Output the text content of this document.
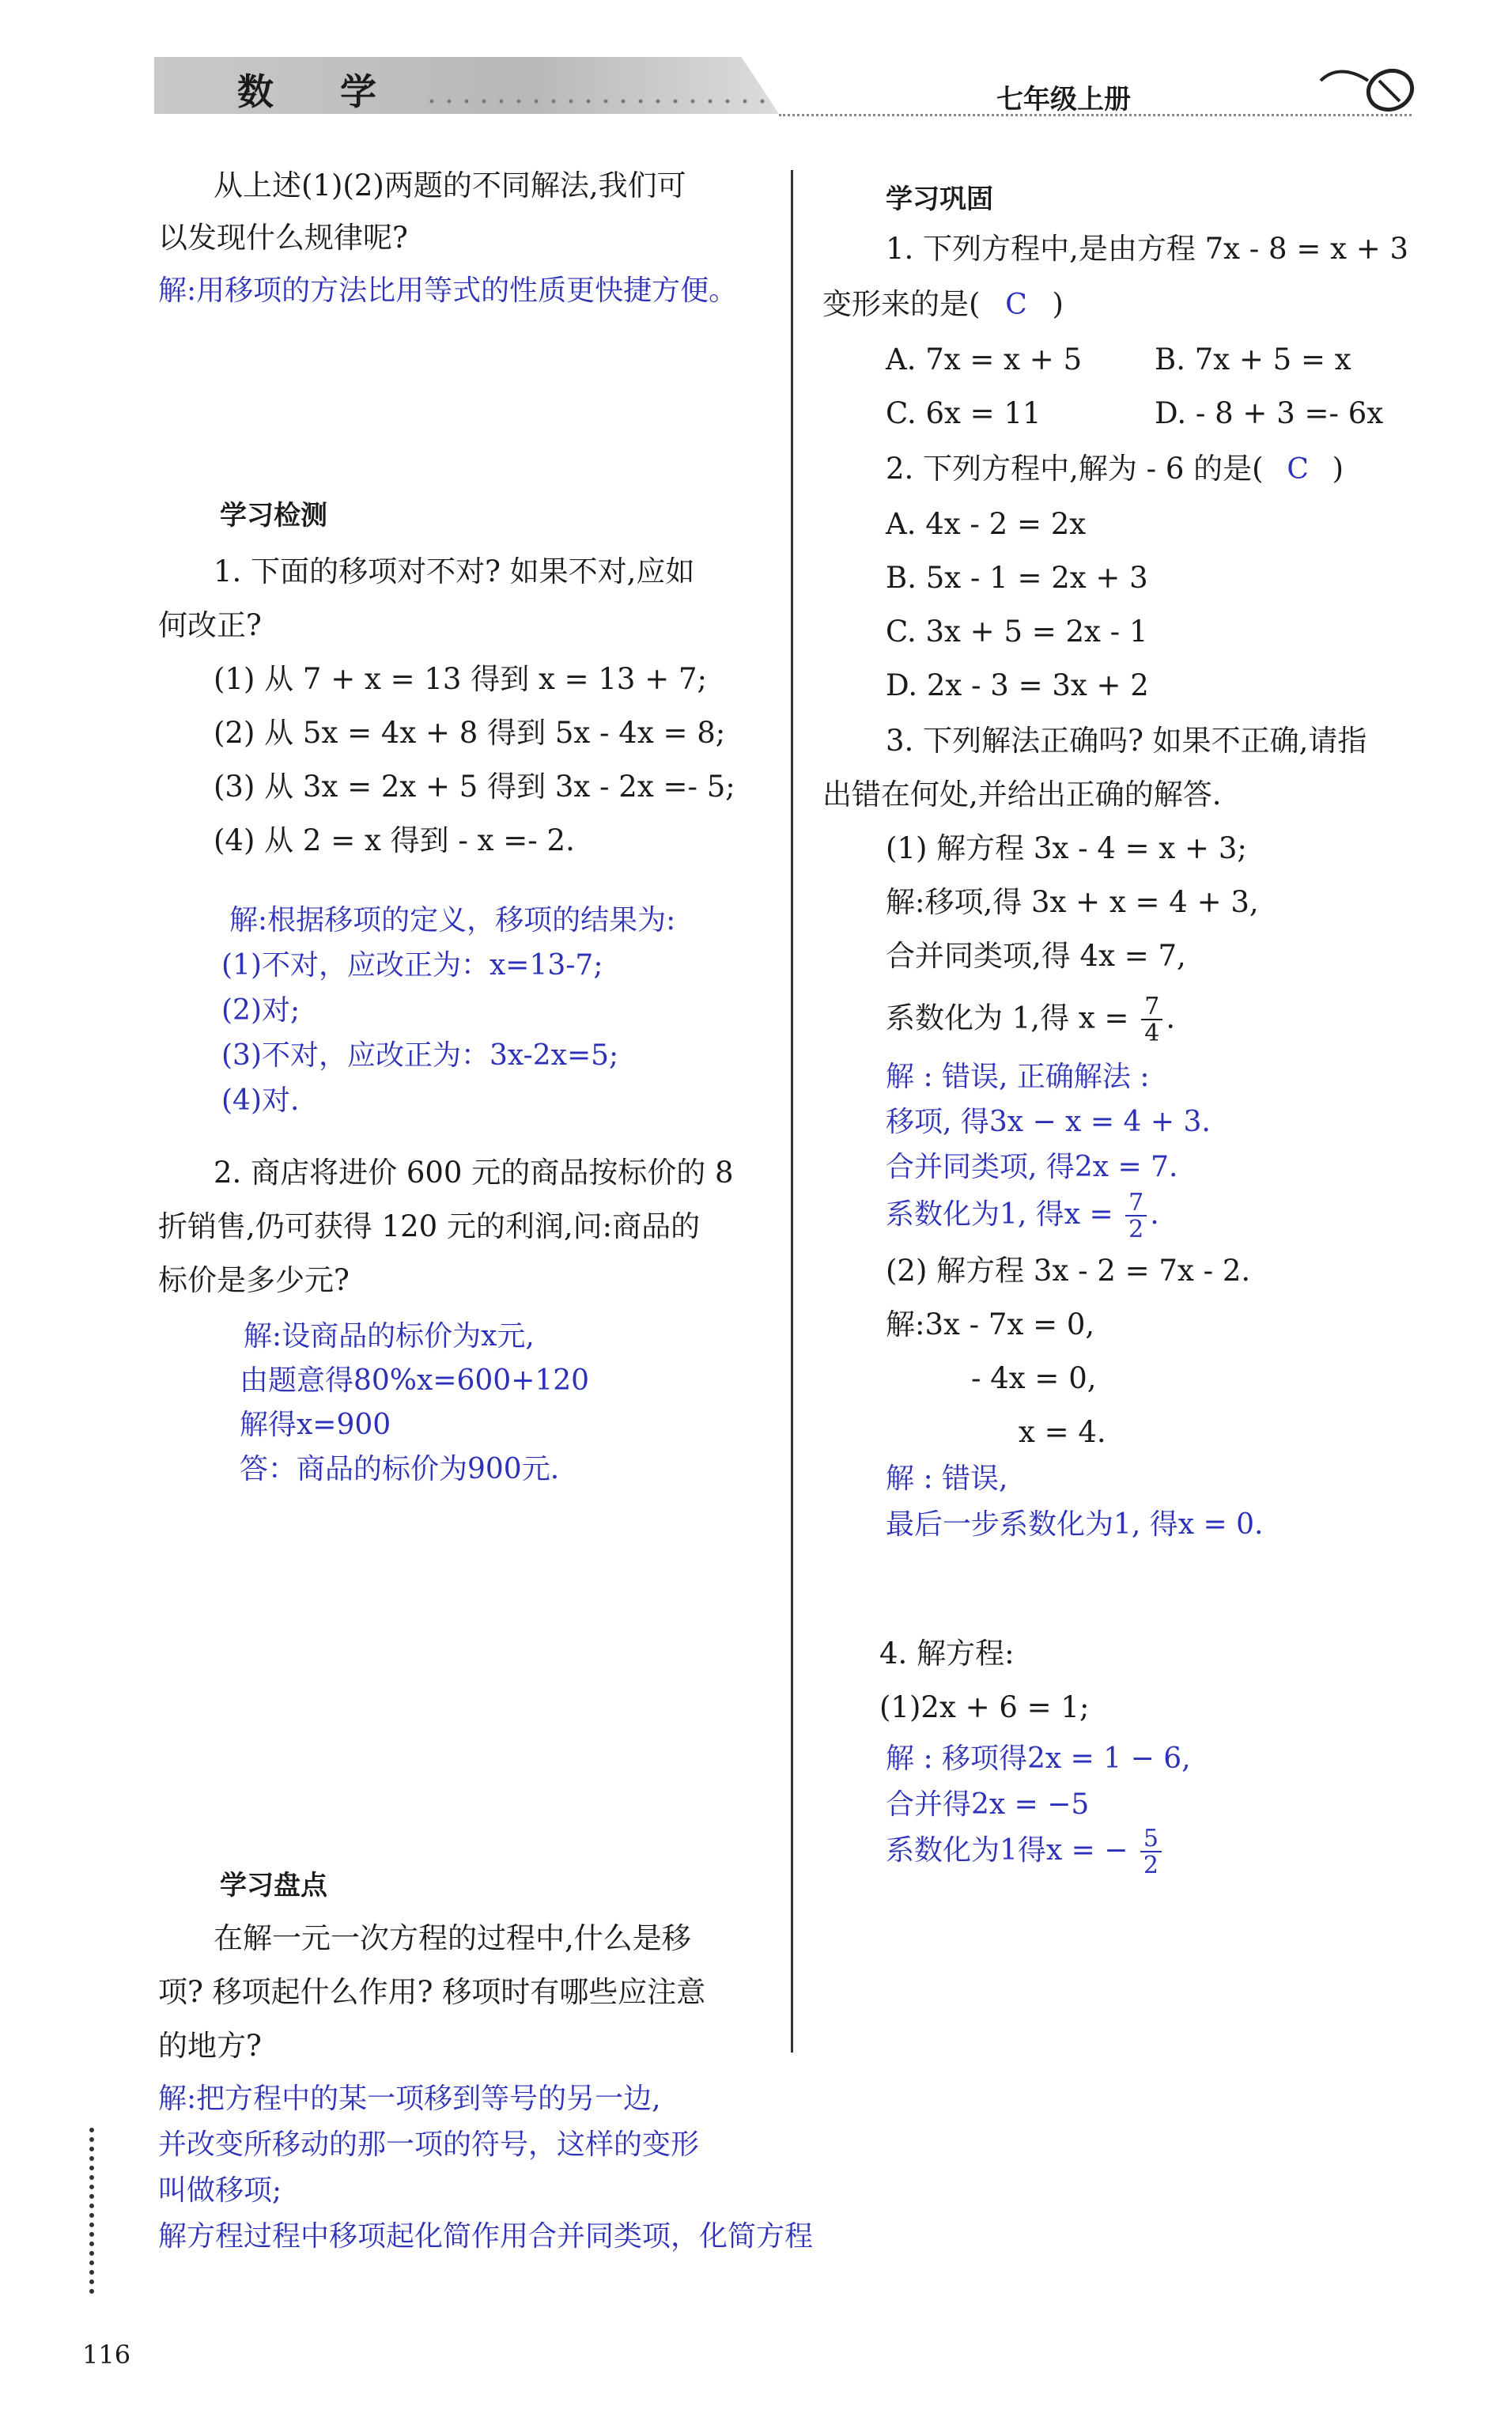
数 学	七年级上册
从上述(1)(2)两题的不同解法,我们可
以发现什么规律呢?
解:用移项的方法比用等式的性质更快捷方便。
学习检测
1. 下面的移项对不对? 如果不对,应如
何改正?
(1) 从 7 + x = 13 得到 x = 13 + 7;
(2) 从 5x = 4x + 8 得到 5x - 4x = 8;
(3) 从 3x = 2x + 5 得到 3x - 2x =- 5;
(4) 从 2 = x 得到 - x =- 2.
解:根据移项的定义，移项的结果为:
(1)不对，应改正为：x=13-7;
(2)对;
(3)不对，应改正为：3x-2x=5;
(4)对.
2. 商店将进价 600 元的商品按标价的 8
折销售,仍可获得 120 元的利润,问:商品的
标价是多少元?
解:设商品的标价为x元,
由题意得80%x=600+120
解得x=900
答：商品的标价为900元.
学习盘点
在解一元一次方程的过程中,什么是移
项? 移项起什么作用? 移项时有哪些应注意
的地方?
解:把方程中的某一项移到等号的另一边,
并改变所移动的那一项的符号，这样的变形
叫做移项;
解方程过程中移项起化简作用合并同类项，化简方程
116
学习巩固
1. 下列方程中,是由方程 7x - 8 = x + 3
变形来的是( C )
A. 7x = x + 5 B. 7x + 5 = x
C. 6x = 11	D. - 8 + 3 =- 6x
2. 下列方程中,解为 - 6 的是( C )
A. 4x - 2 = 2x
B. 5x - 1 = 2x + 3
C. 3x + 5 = 2x - 1
D. 2x - 3 = 3x + 2
3. 下列解法正确吗? 如果不正确,请指
出错在何处,并给出正确的解答.
(1) 解方程 3x - 4 = x + 3;
解:移项,得 3x + x = 4 + 3,
合并同类项,得 4x = 7,
系数化为 1,得 $x = \frac{7}{4}$ .
解 : 错误, 正确解法 :
移项, 得3x − x = 4 + 3.
合并同类项, 得2x = 7.
系数化为1, 得$x = \frac{7}{2}$ .
(2) 解方程 3x - 2 = 7x - 2.
解:3x - 7x = 0,
- 4x = 0,
x = 4.
解 : 错误,
最后一步系数化为1, 得x = 0.
4. 解方程:
(1)2x + 6 = 1;
解 : 移项得2x = 1 − 6,
合并得2x = −5
系数化为1得x = − $\frac{5}{2}$
